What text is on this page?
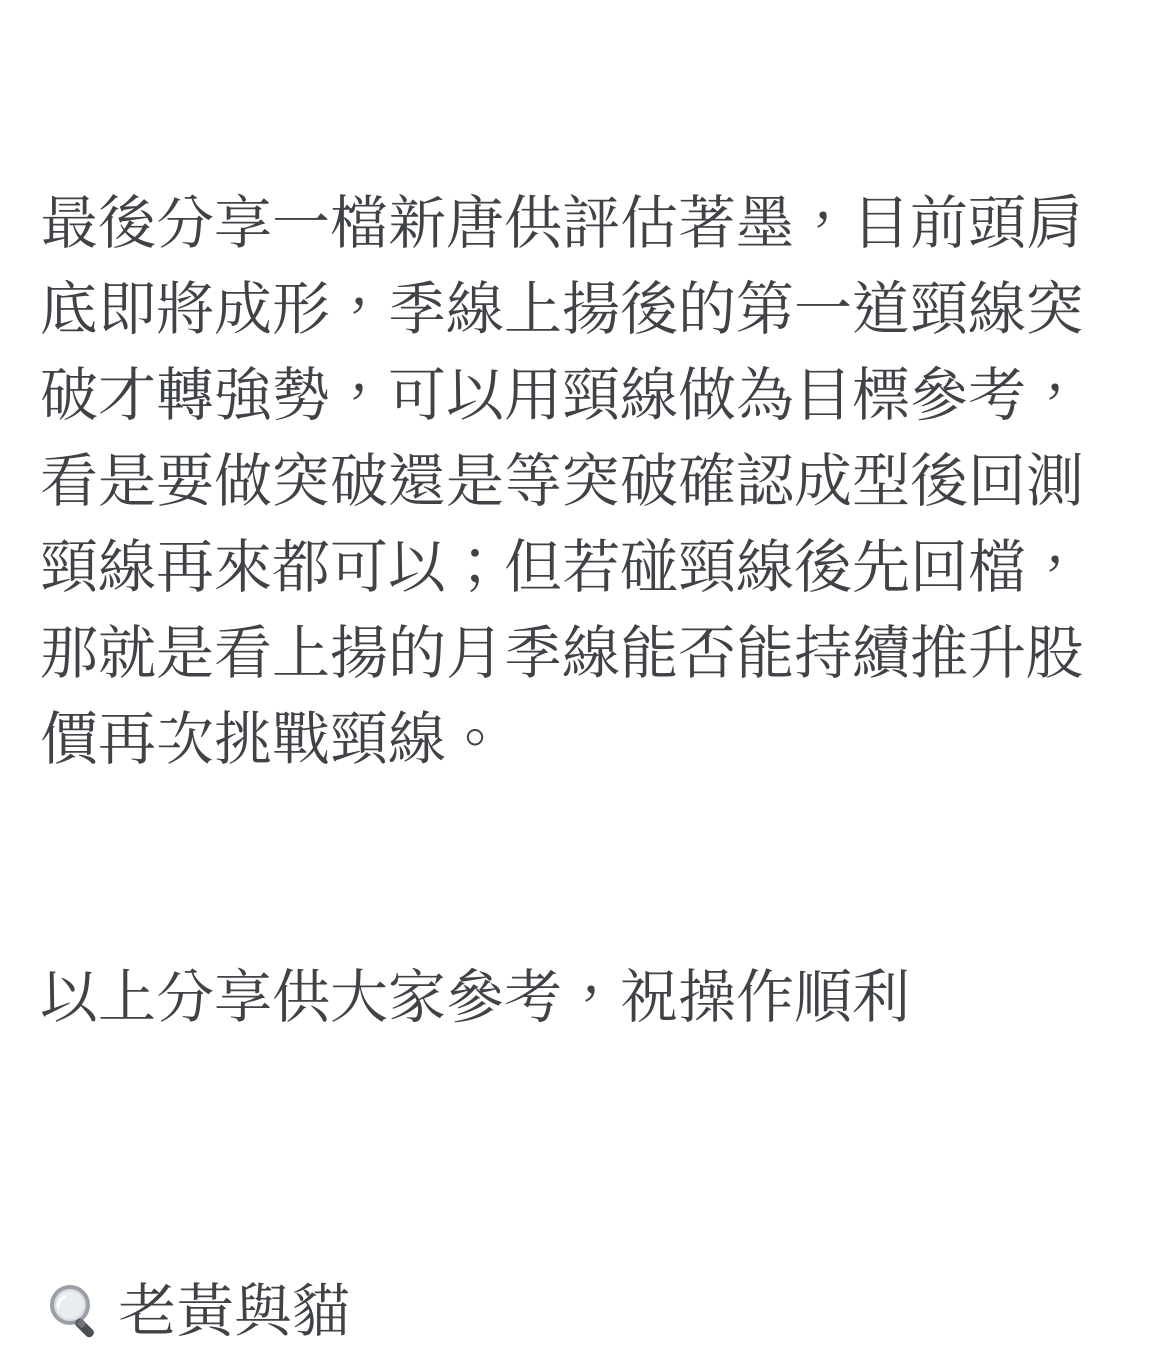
最後分享一檔新唐供評估著墨，目前頭肩底即將成形，季線上揚後的第一道頸線突破才轉強勢，可以用頸線做為目標參考，看是要做突破還是等突破確認成型後回測頸線再來都可以；但若碰頸線後先回檔，那就是看上揚的月季線能否能持續推升股價再次挑戰頸線。

以上分享供大家參考，祝操作順利

老黃與貓
